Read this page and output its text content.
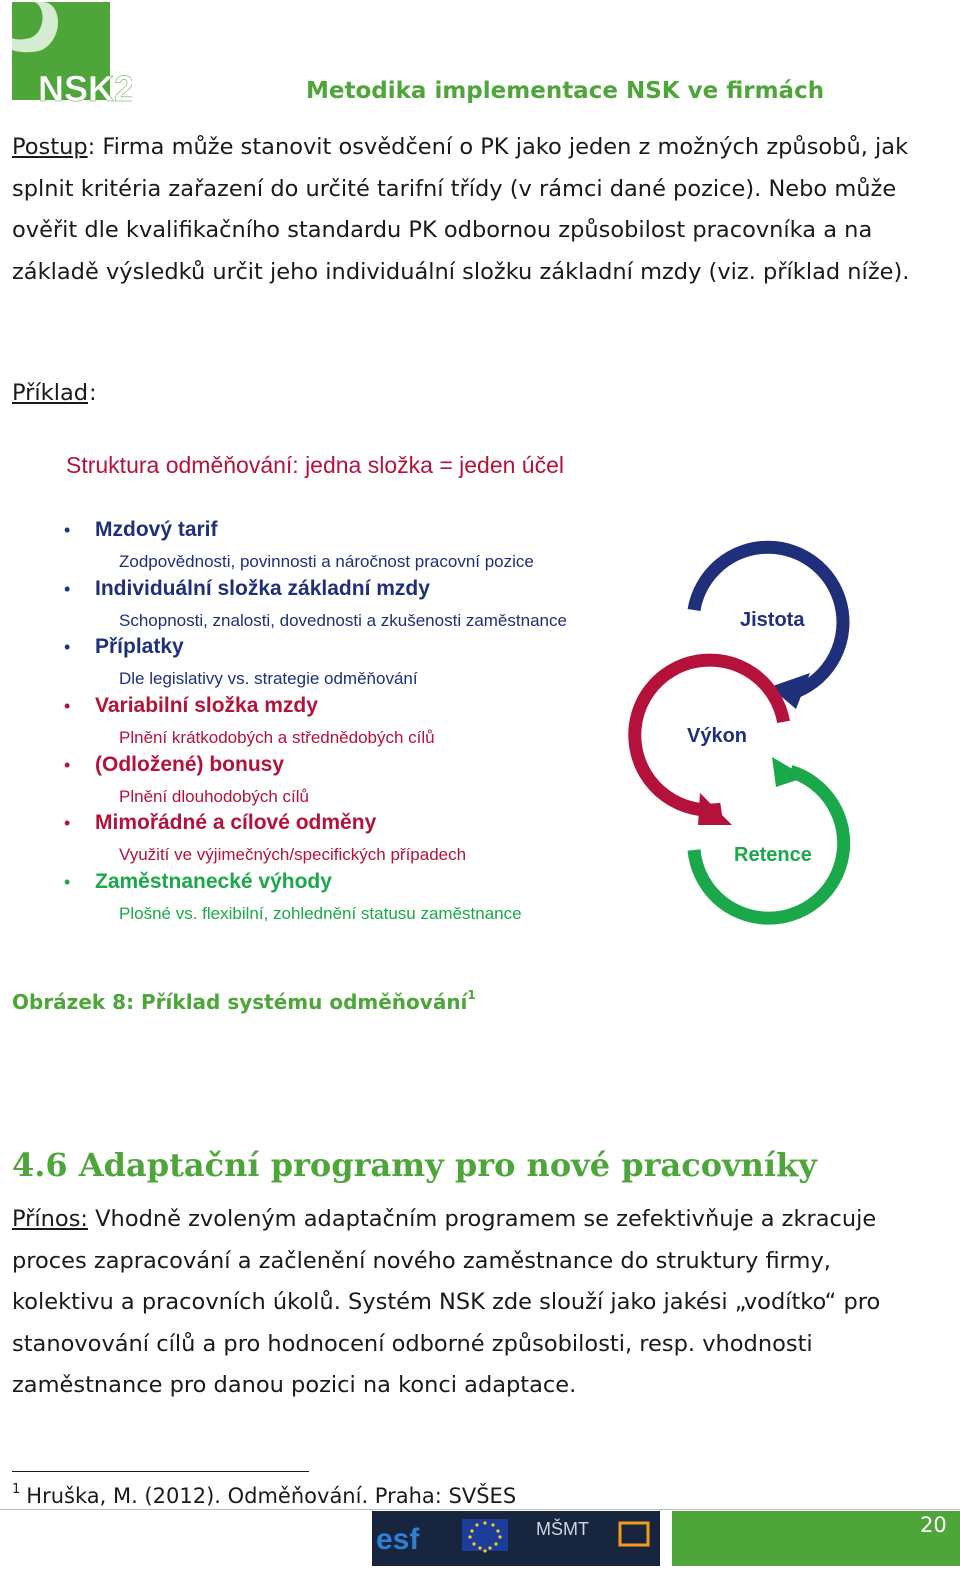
NSK2	Metodika implementace NSK ve firmách
Postup: Firma může stanovit osvědčení o PK jako jeden z možných způsobů, jak
splnit kritéria zařazení do určité tarifní třídy (v rámci dané pozice). Nebo může
ověřit dle kvalifikačního standardu PK odbornou způsobilost pracovníka a na
základě výsledků určit jeho individuální složku základní mzdy (viz. příklad níže).
Příklad :
Struktura odměňování: jedna složka = jeden účel
• Mzdový tarif
Zodpovědnosti, povinnosti a náročnost pracovní pozice
• Individuální složka základní mzdy
Schopnosti, znalosti, dovednosti a zkušenosti zaměstnance
• Příplatky
Dle legislativy vs. strategie odměňování
• Variabilní složka mzdy
Plnění krátkodobých a střednědobých cílů
• (Odložené) bonusy
Plnění dlouhodobých cílů
• Mimořádné a cílové odměny
Využití ve výjimečných/specifických případech
• Zaměstnanecké výhody
Plošné vs. flexibilní, zohlednění statusu zaměstnance
Jistota
Výkon
Retence
Obrázek 8: Příklad systému odměňování$^1$
4.6 Adaptační programy pro nové pracovníky
Přínos: Vhodně zvoleným adaptačním programem se zefektivňuje a zkracuje
proces zapracování a začlenění nového zaměstnance do struktury firmy,
kolektivu a pracovních úkolů. Systém NSK zde slouží jako jakési „vodítko“ pro
stanovování cílů a pro hodnocení odborné způsobilosti, resp. vhodnosti
zaměstnance pro danou pozici na konci adaptace.
$^1$ Hruška, M. (2012). Odměňování. Praha: SVŠES
esf	MŠMT	20
